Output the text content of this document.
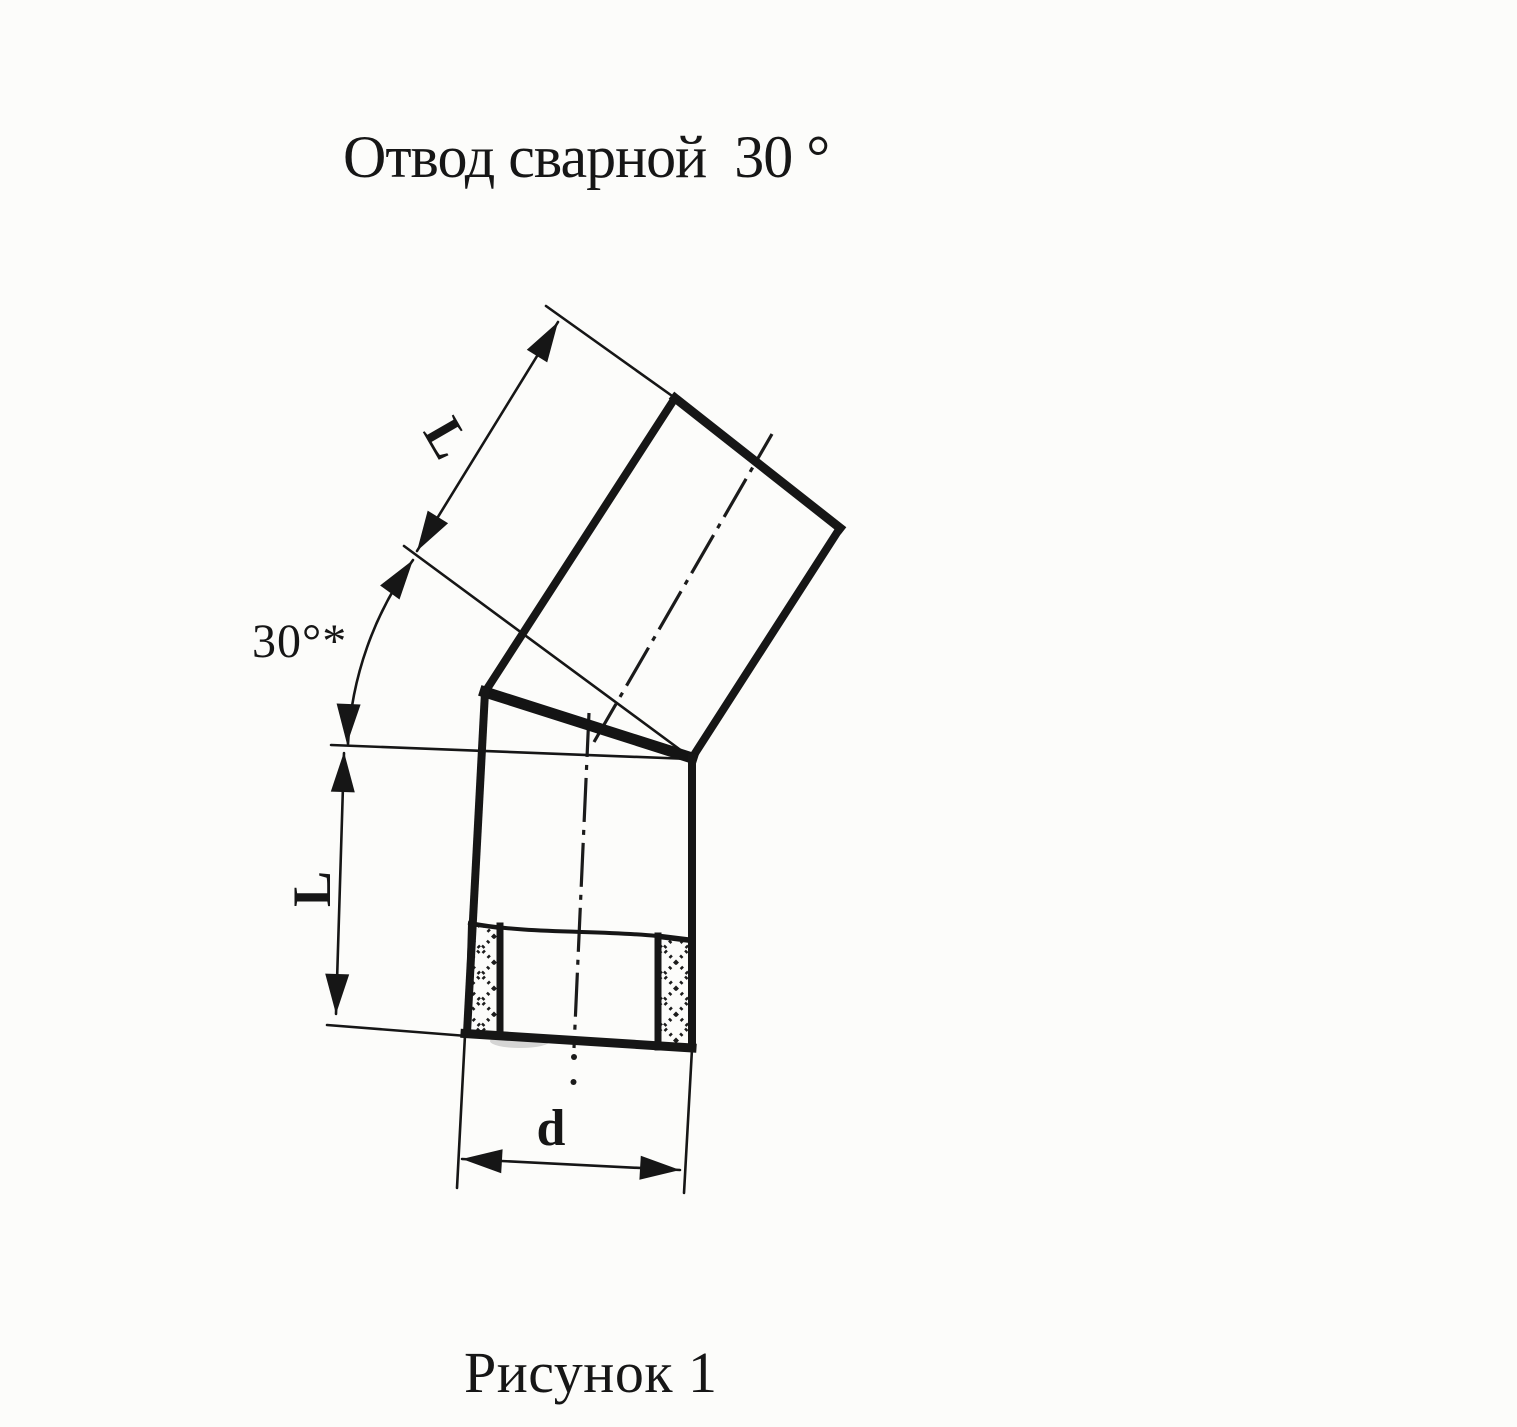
Отвод сварной  30 °
L
30°*
L
d
Рисунок 1
